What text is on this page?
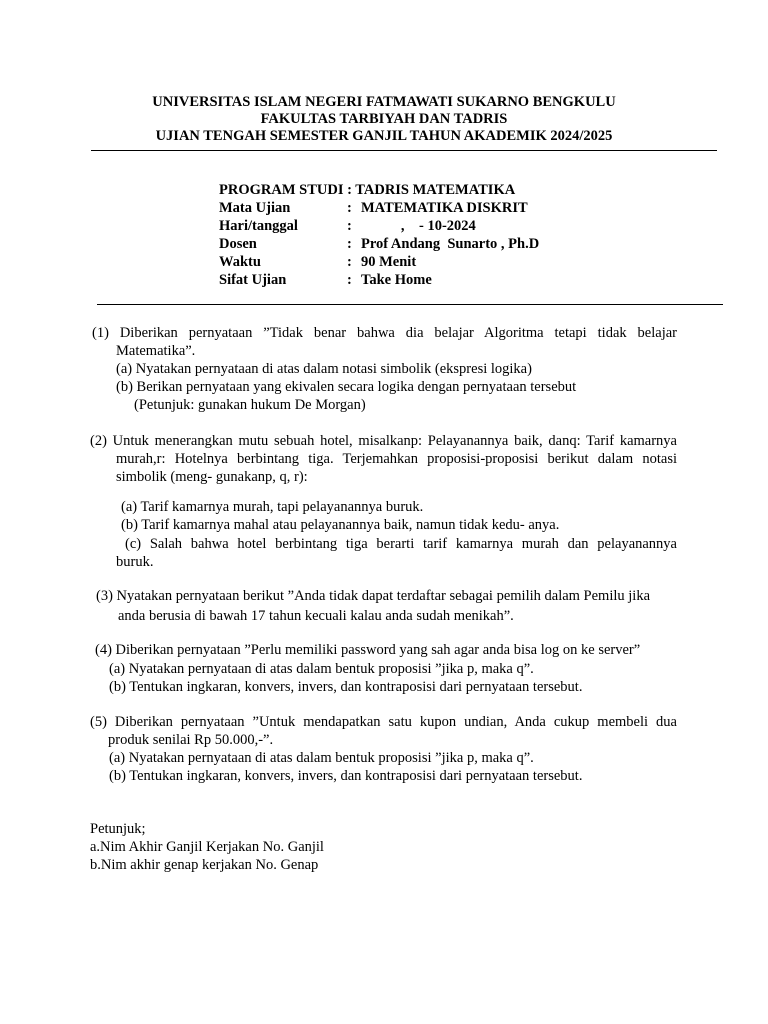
UNIVERSITAS ISLAM NEGERI FATMAWATI SUKARNO BENGKULU
FAKULTAS TARBIYAH DAN TADRIS
UJIAN TENGAH SEMESTER GANJIL TAHUN AKADEMIK 2024/2025
PROGRAM STUDI : TADRIS MATEMATIKA
Mata Ujian	: MATEMATIKA DISKRIT
Hari/tanggal	:           ,    - 10-2024
Dosen	: Prof Andang  Sunarto , Ph.D
Waktu	: 90 Menit
Sifat Ujian	: Take Home
(1) Diberikan pernyataan ”Tidak benar bahwa dia belajar Algoritma tetapi tidak belajar
Matematika”.
(a) Nyatakan pernyataan di atas dalam notasi simbolik (ekspresi logika)
(b) Berikan pernyataan yang ekivalen secara logika dengan pernyataan tersebut
(Petunjuk: gunakan hukum De Morgan)
(2) Untuk menerangkan mutu sebuah hotel, misalkanp: Pelayanannya baik, danq: Tarif kamarnya
murah,r: Hotelnya berbintang tiga. Terjemahkan proposisi-proposisi berikut dalam notasi
simbolik (meng- gunakanp, q, r):
(a) Tarif kamarnya murah, tapi pelayanannya buruk.
(b) Tarif kamarnya mahal atau pelayanannya baik, namun tidak kedu- anya.
(c) Salah bahwa hotel berbintang tiga berarti tarif kamarnya murah dan pelayanannya
buruk.
(3) Nyatakan pernyataan berikut ”Anda tidak dapat terdaftar sebagai pemilih dalam Pemilu jika
anda berusia di bawah 17 tahun kecuali kalau anda sudah menikah”.
(4) Diberikan pernyataan ”Perlu memiliki password yang sah agar anda bisa log on ke server”
(a) Nyatakan pernyataan di atas dalam bentuk proposisi ”jika p, maka q”.
(b) Tentukan ingkaran, konvers, invers, dan kontraposisi dari pernyataan tersebut.
(5) Diberikan pernyataan ”Untuk mendapatkan satu kupon undian, Anda cukup membeli dua
produk senilai Rp 50.000,-”.
(a) Nyatakan pernyataan di atas dalam bentuk proposisi ”jika p, maka q”.
(b) Tentukan ingkaran, konvers, invers, dan kontraposisi dari pernyataan tersebut.
Petunjuk;
a.Nim Akhir Ganjil Kerjakan No. Ganjil
b.Nim akhir genap kerjakan No. Genap
